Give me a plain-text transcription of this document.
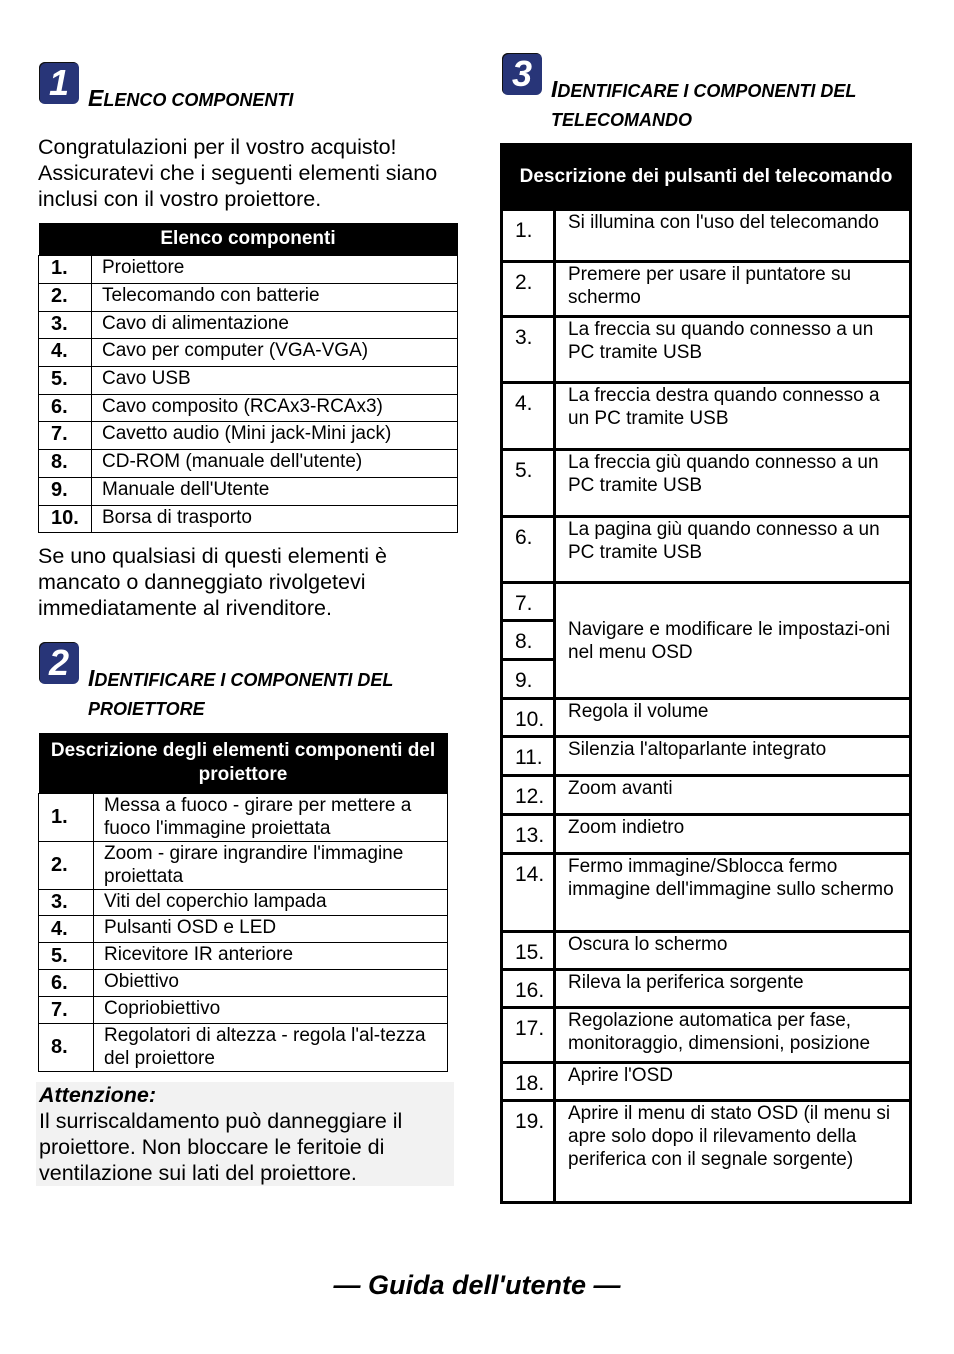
1 ELENCO COMPONENTI
Congratulazioni per il vostro acquisto! Assicuratevi che i seguenti elementi siano inclusi con il vostro proiettore.
Elenco componenti	
1.	Proiettore
2.	Telecomando con batterie
3.	Cavo di alimentazione
4.	Cavo per computer (VGA-VGA)
5.	Cavo USB
6.	Cavo composito (RCAx3-RCAx3)
7.	Cavetto audio (Mini jack-Mini jack)
8.	CD-ROM (manuale dell'utente)
9.	Manuale dell'Utente
10.	Borsa di trasporto
Se uno qualsiasi di questi elementi è mancato o danneggiato rivolgetevi immediatamente al rivenditore.
2 IDENTIFICARE I COMPONENTI DEL
PROIETTORE
Descrizione degli elementi componenti del proiettore	
1.	Messa a fuoco - girare per mettere a fuoco l'immagine proiettata
2.	Zoom - girare ingrandire l'immagine proiettata
3.	Viti del coperchio lampada
4.	Pulsanti OSD e LED
5.	Ricevitore IR anteriore
6.	Obiettivo
7.	Copriobiettivo
8.	Regolatori di altezza - regola l'al-tezza del proiettore
Attenzione:
Il surriscaldamento può danneggiare il proiettore. Non bloccare le feritoie di ventilazione sui lati del proiettore.
3 IDENTIFICARE I COMPONENTI DEL
TELECOMANDO
Descrizione dei pulsanti del telecomando	
1.	Si illumina con l'uso del telecomando
2.	Premere per usare il puntatore su schermo
3.	La freccia su quando connesso a un PC tramite USB
4.	La freccia destra quando connesso a un PC tramite USB
5.	La freccia giù quando connesso a un PC tramite USB
6.	La pagina giù quando connesso a un PC tramite USB
7.	Navigare e modificare le impostazi-oni nel menu OSD
8.	
9.	
10.	Regola il volume
11.	Silenzia l'altoparlante integrato
12.	Zoom avanti
13.	Zoom indietro
14.	Fermo immagine/Sblocca fermo immagine dell'immagine sullo schermo
15.	Oscura lo schermo
16.	Rileva la periferica sorgente
17.	Regolazione automatica per fase, monitoraggio, dimensioni, posizione
18.	Aprire l'OSD
19.	Aprire il menu di stato OSD (il menu si apre solo dopo il rilevamento della periferica con il segnale sorgente)
— Guida dell'utente —
